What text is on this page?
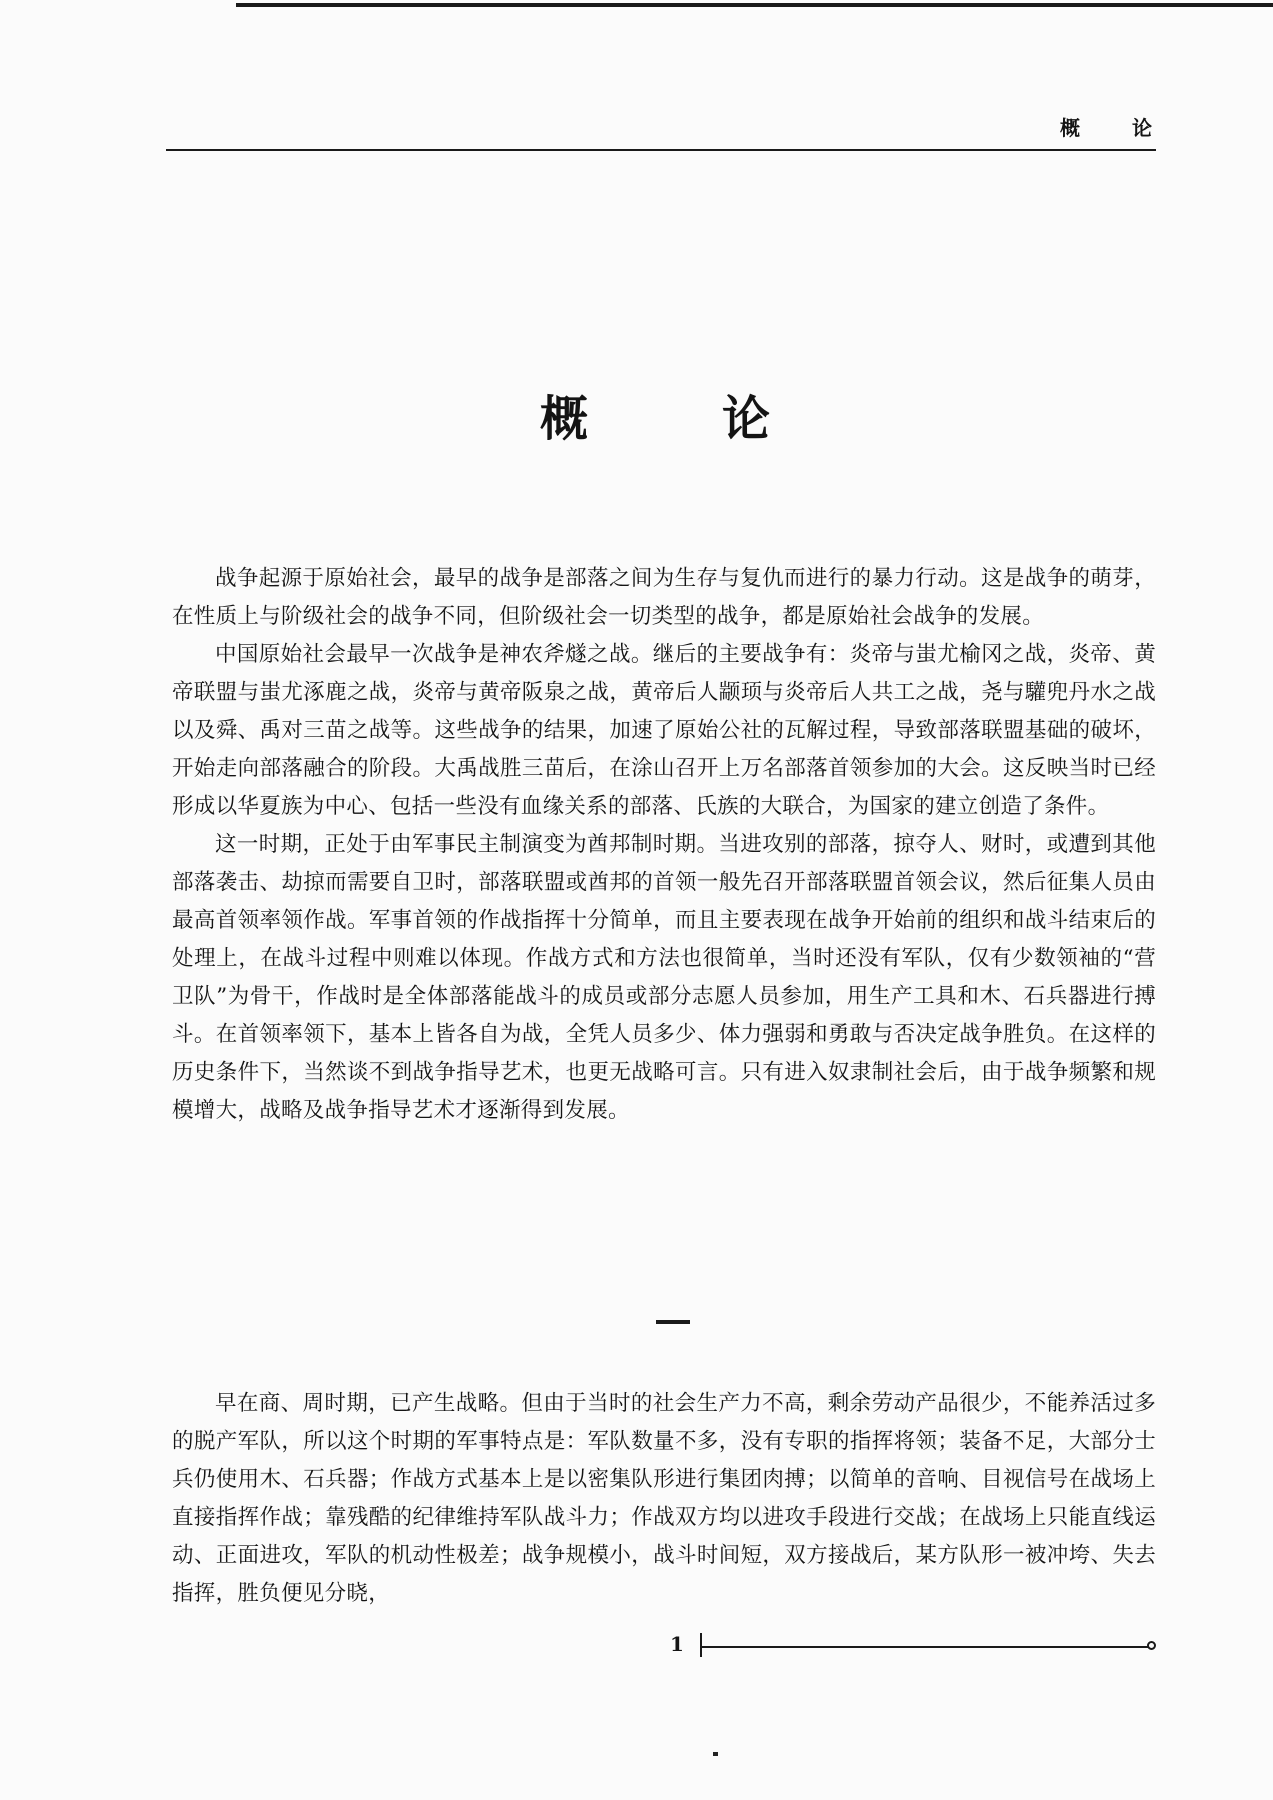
概	论
概	论

战争起源于原始社会，最早的战争是部落之间为生存与复仇而进行的暴力行动。这是战争的萌芽，在性质上与阶级社会的战争不同，但阶级社会一切类型的战争，都是原始社会战争的发展。

中国原始社会最早一次战争是神农斧燧之战。继后的主要战争有：炎帝与蚩尤榆冈之战，炎帝、黄帝联盟与蚩尤涿鹿之战，炎帝与黄帝阪泉之战，黄帝后人颛顼与炎帝后人共工之战，尧与驩兜丹水之战以及舜、禹对三苗之战等。这些战争的结果，加速了原始公社的瓦解过程，导致部落联盟基础的破坏，开始走向部落融合的阶段。大禹战胜三苗后，在涂山召开上万名部落首领参加的大会。这反映当时已经形成以华夏族为中心、包括一些没有血缘关系的部落、氏族的大联合，为国家的建立创造了条件。

这一时期，正处于由军事民主制演变为酋邦制时期。当进攻别的部落，掠夺人、财时，或遭到其他部落袭击、劫掠而需要自卫时，部落联盟或酋邦的首领一般先召开部落联盟首领会议，然后征集人员由最高首领率领作战。军事首领的作战指挥十分简单，而且主要表现在战争开始前的组织和战斗结束后的处理上，在战斗过程中则难以体现。作战方式和方法也很简单，当时还没有军队，仅有少数领袖的“营卫队”为骨干，作战时是全体部落能战斗的成员或部分志愿人员参加，用生产工具和木、石兵器进行搏斗。在首领率领下，基本上皆各自为战，全凭人员多少、体力强弱和勇敢与否决定战争胜负。在这样的历史条件下，当然谈不到战争指导艺术，也更无战略可言。只有进入奴隶制社会后，由于战争频繁和规模增大，战略及战争指导艺术才逐渐得到发展。

早在商、周时期，已产生战略。但由于当时的社会生产力不高，剩余劳动产品很少，不能养活过多的脱产军队，所以这个时期的军事特点是：军队数量不多，没有专职的指挥将领；装备不足，大部分士兵仍使用木、石兵器；作战方式基本上是以密集队形进行集团肉搏；以简单的音响、目视信号在战场上直接指挥作战；靠残酷的纪律维持军队战斗力；作战双方均以进攻手段进行交战；在战场上只能直线运动、正面进攻，军队的机动性极差；战争规模小，战斗时间短，双方接战后，某方队形一被冲垮、失去指挥，胜负便见分晓，

1
